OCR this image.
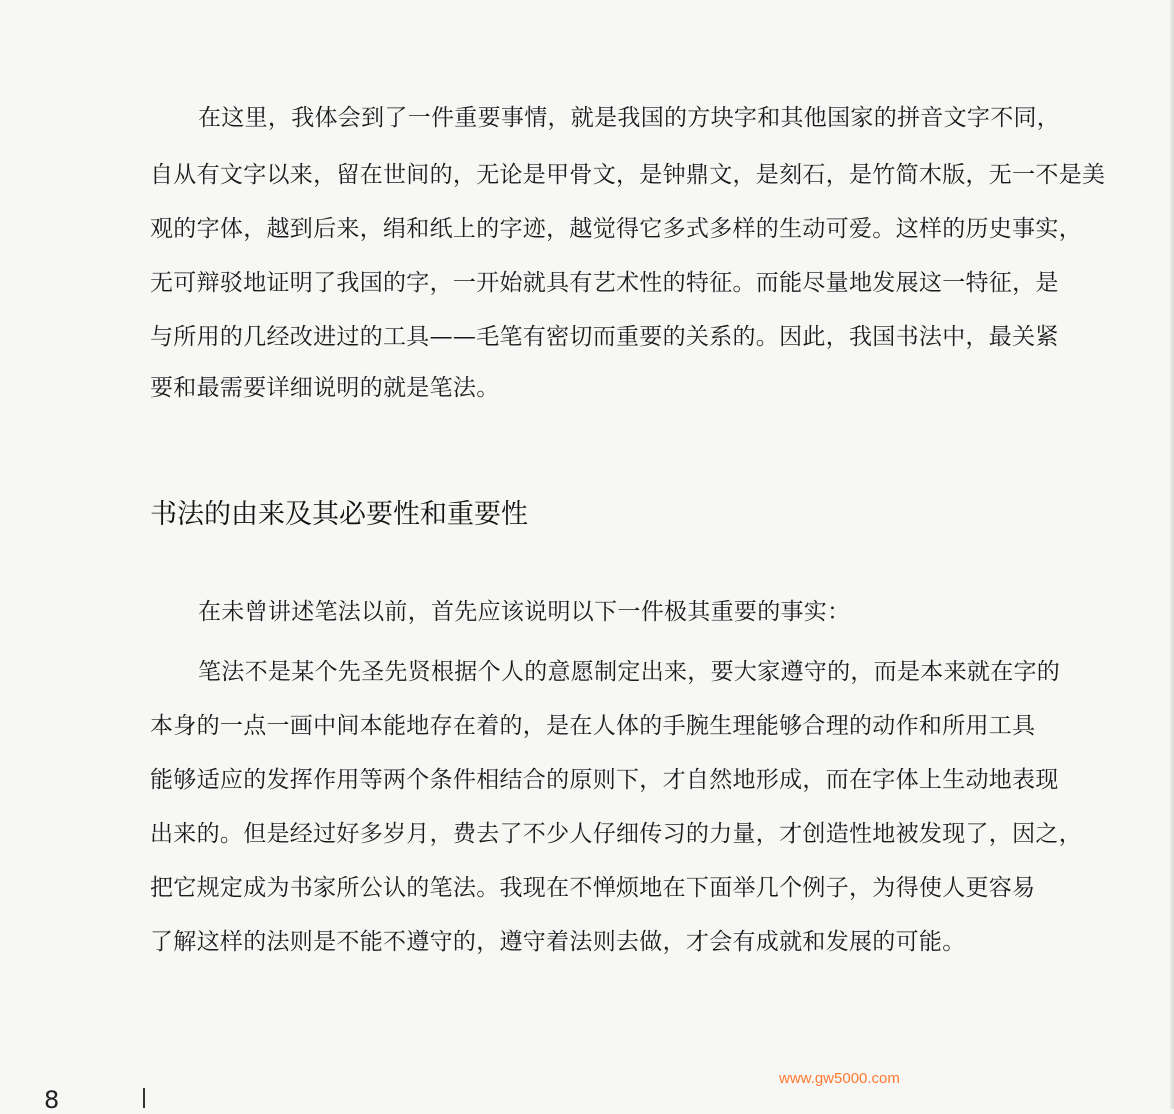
在这里，我体会到了一件重要事情，就是我国的方块字和其他国家的拼音文字不同，
自从有文字以来，留在世间的，无论是甲骨文，是钟鼎文，是刻石，是竹简木版，无一不是美
观的字体，越到后来，绢和纸上的字迹，越觉得它多式多样的生动可爱。这样的历史事实，
无可辩驳地证明了我国的字，一开始就具有艺术性的特征。而能尽量地发展这一特征，是
与所用的几经改进过的工具——毛笔有密切而重要的关系的。因此，我国书法中，最关紧
要和最需要详细说明的就是笔法。
书法的由来及其必要性和重要性
在未曾讲述笔法以前，首先应该说明以下一件极其重要的事实：
笔法不是某个先圣先贤根据个人的意愿制定出来，要大家遵守的，而是本来就在字的
本身的一点一画中间本能地存在着的，是在人体的手腕生理能够合理的动作和所用工具
能够适应的发挥作用等两个条件相结合的原则下，才自然地形成，而在字体上生动地表现
出来的。但是经过好多岁月，费去了不少人仔细传习的力量，才创造性地被发现了，因之，
把它规定成为书家所公认的笔法。我现在不惮烦地在下面举几个例子，为得使人更容易
了解这样的法则是不能不遵守的，遵守着法则去做，才会有成就和发展的可能。
8
www.gw5000.com
